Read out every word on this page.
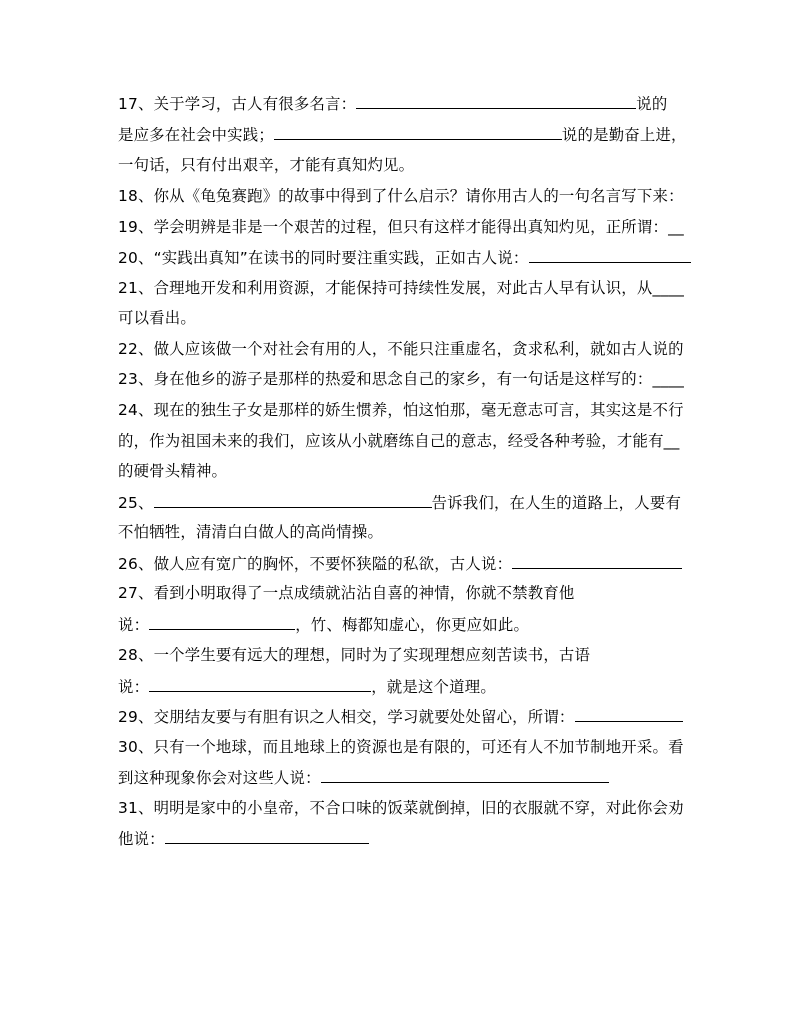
17、关于学习，古人有很多名言：	说的
是应多在社会中实践；	说的是勤奋上进，
一句话，只有付出艰辛，才能有真知灼见。
18、你从《龟兔赛跑》的故事中得到了什么启示？请你用古人的一句名言写下来：
19、学会明辨是非是一个艰苦的过程，但只有这样才能得出真知灼见，正所谓：__
20、“实践出真知”在读书的同时要注重实践，正如古人说：
21、合理地开发和利用资源，才能保持可持续性发展，对此古人早有认识，从____
可以看出。
22、做人应该做一个对社会有用的人，不能只注重虚名，贪求私利，就如古人说的
23、身在他乡的游子是那样的热爱和思念自己的家乡，有一句话是这样写的：____
24、现在的独生子女是那样的娇生惯养，怕这怕那，毫无意志可言，其实这是不行
的，作为祖国未来的我们，应该从小就磨练自己的意志，经受各种考验，才能有__
的硬骨头精神。
25、	告诉我们，在人生的道路上，人要有
不怕牺牲，清清白白做人的高尚情操。
26、做人应有宽广的胸怀，不要怀狭隘的私欲，古人说：
27、看到小明取得了一点成绩就沾沾自喜的神情，你就不禁教育他
说：	，竹、梅都知虚心，你更应如此。
28、一个学生要有远大的理想，同时为了实现理想应刻苦读书，古语
说：	，就是这个道理。
29、交朋结友要与有胆有识之人相交，学习就要处处留心，所谓：
30、只有一个地球，而且地球上的资源也是有限的，可还有人不加节制地开采。看
到这种现象你会对这些人说：
31、明明是家中的小皇帝，不合口味的饭菜就倒掉，旧的衣服就不穿，对此你会劝
他说：
